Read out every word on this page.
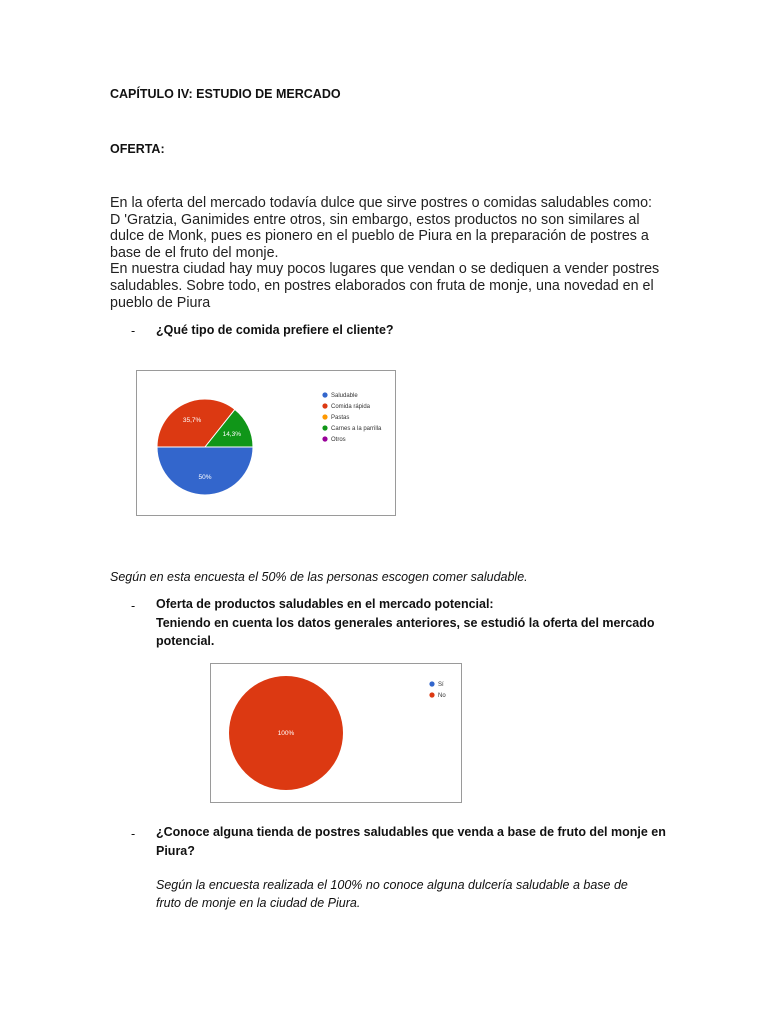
CAPÍTULO IV: ESTUDIO DE MERCADO
OFERTA:
En la oferta del mercado todavía dulce que sirve postres o comidas saludables como:
D 'Gratzia, Ganimides entre otros, sin embargo, estos productos no son similares al
dulce de Monk, pues es pionero en el pueblo de Piura en la preparación de postres a
base de el fruto del monje.
En nuestra ciudad hay muy pocos lugares que vendan o se dediquen a vender postres
saludables. Sobre todo, en postres elaborados con fruta de monje, una novedad en el
pueblo de Piura
- ¿Qué tipo de comida prefiere el cliente?
50%
35,7%
14,3%
Saludable
Comida rápida
Pastas
Carnes a la parrilla
Otros
Según en esta encuesta el 50% de las personas escogen comer saludable.
- Oferta de productos saludables en el mercado potencial:
Teniendo en cuenta los datos generales anteriores, se estudió la oferta del mercado
potencial.
100%
Sí
No
- ¿Conoce alguna tienda de postres saludables que venda a base de fruto del monje en
Piura?
Según la encuesta realizada el 100% no conoce alguna dulcería saludable a base de
fruto de monje en la ciudad de Piura.
